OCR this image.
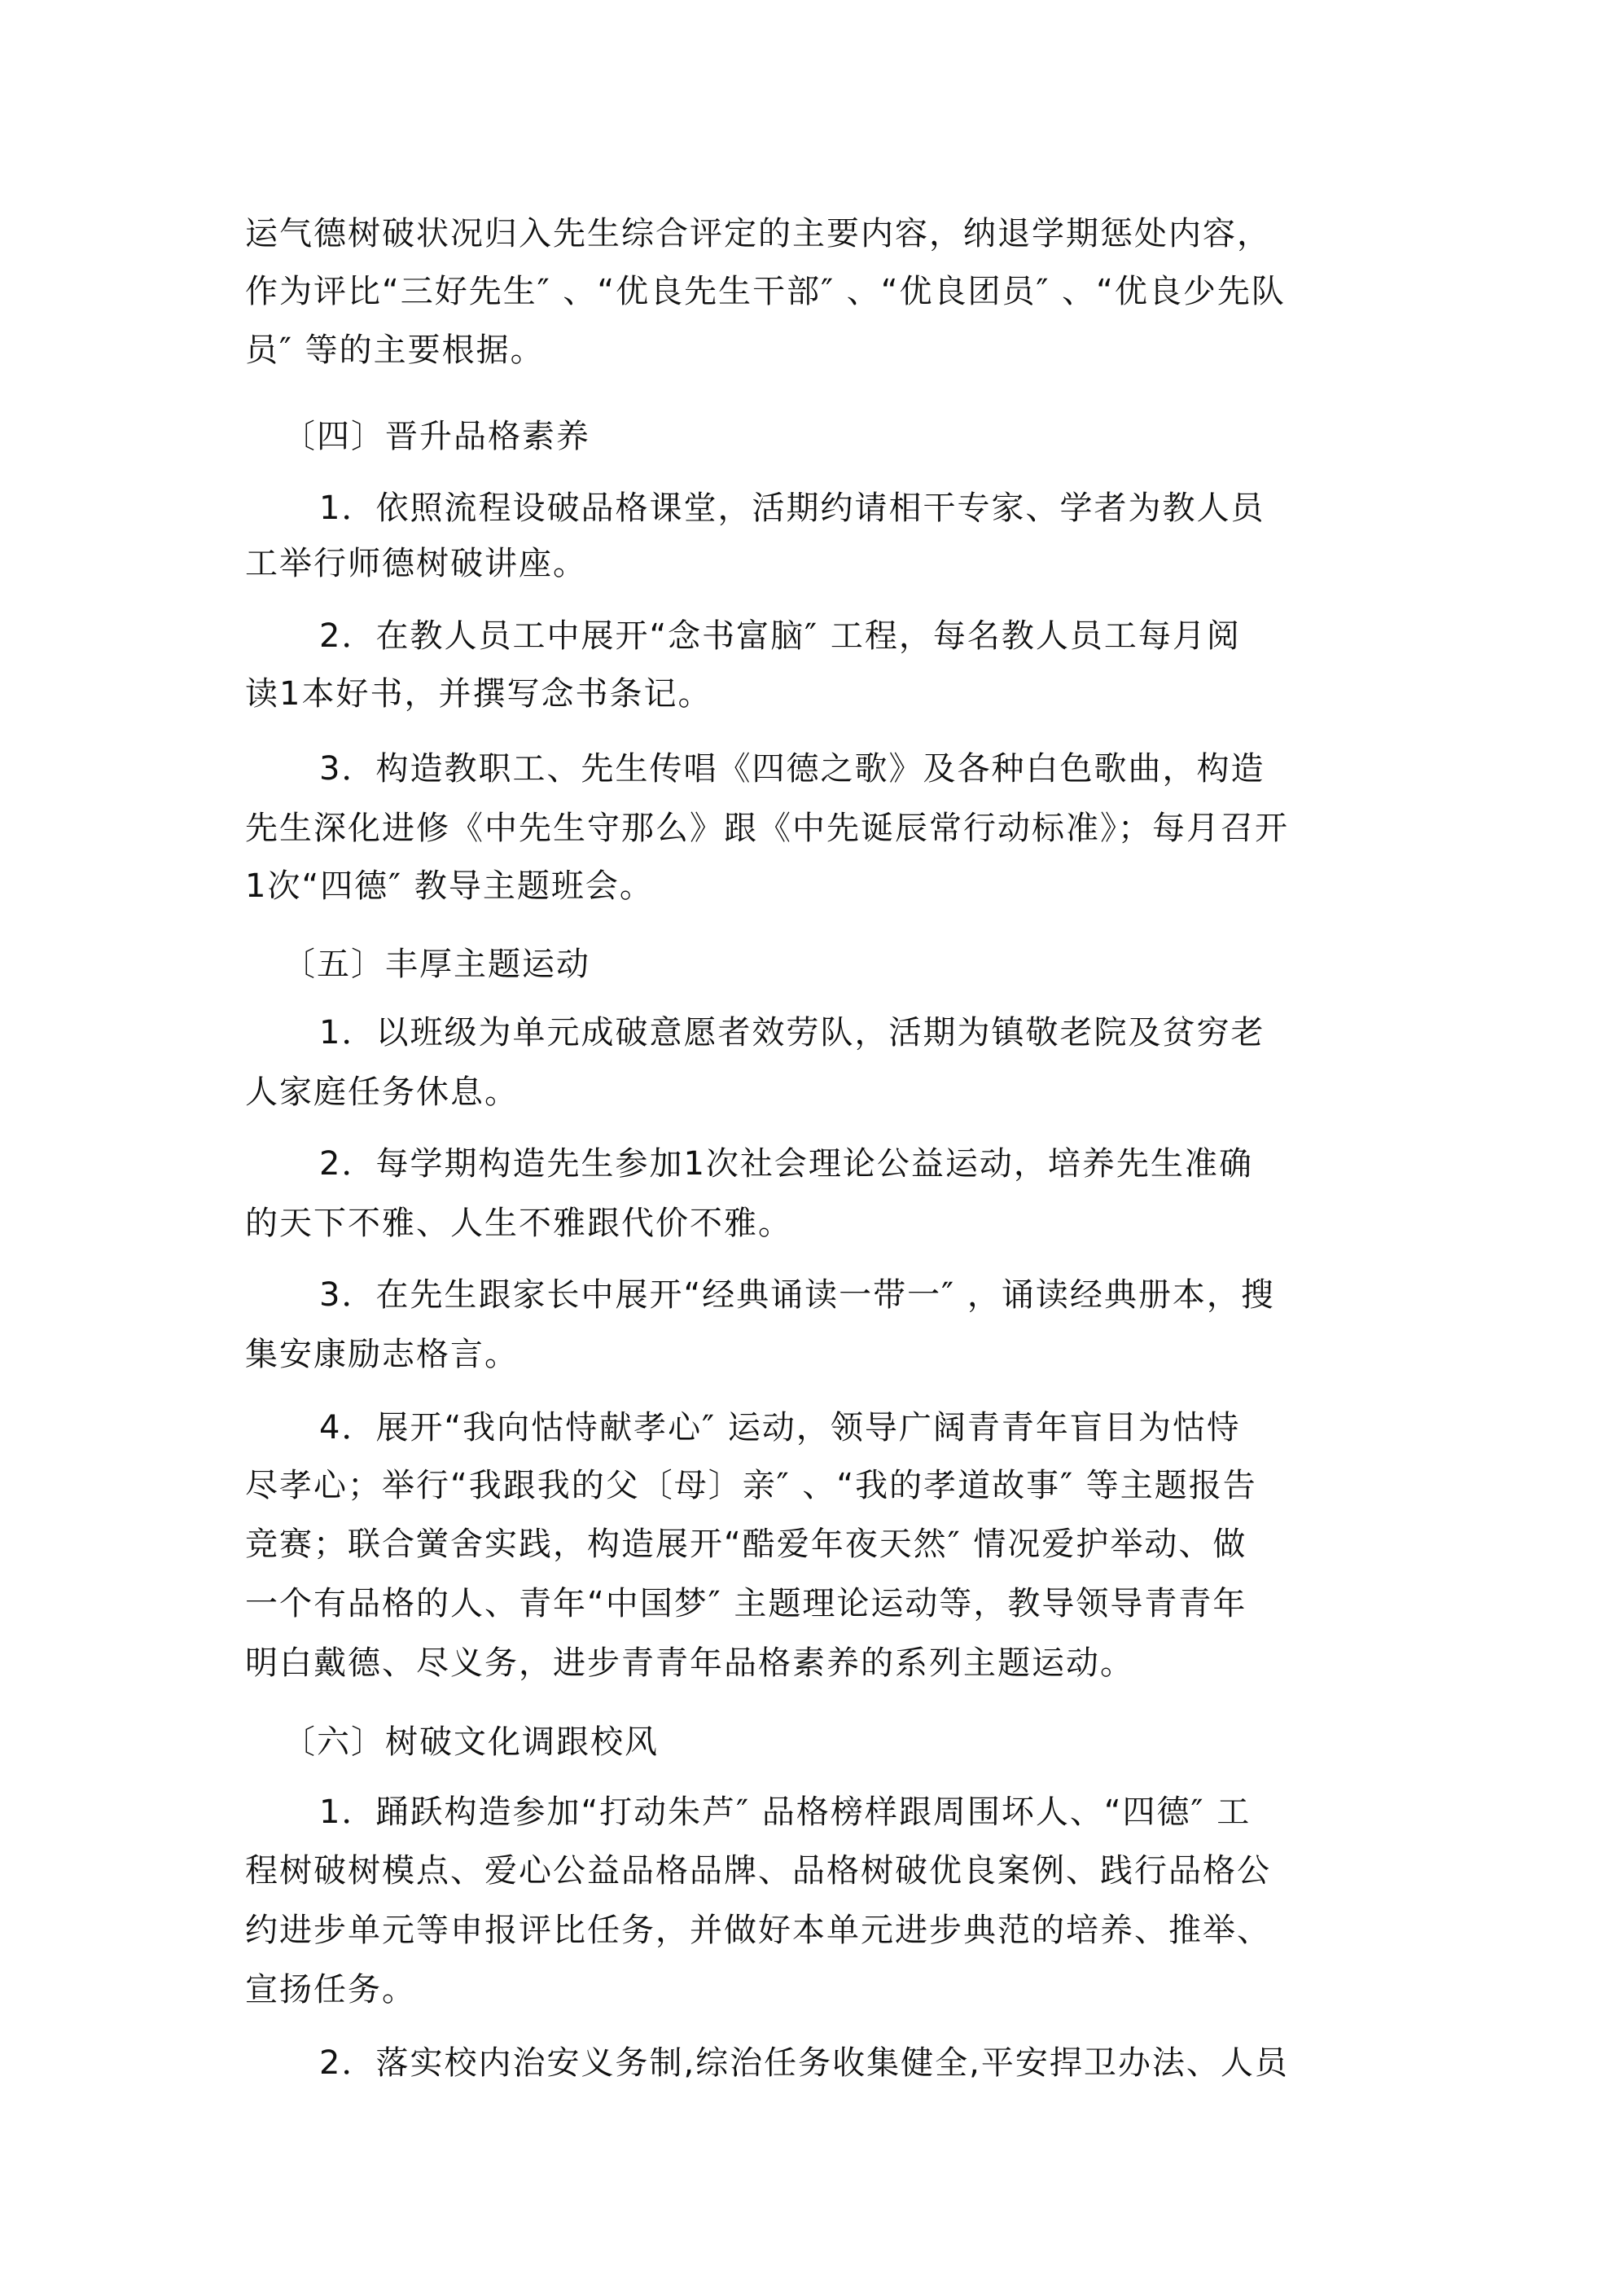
运气德树破状况归入先生综合评定的主要内容，纳退学期惩处内容，
作为评比“三好先生″ 、“优良先生干部″ 、“优良团员″ 、“优良少先队
员″ 等的主要根据。
〔四〕晋升品格素养
1．依照流程设破品格课堂，活期约请相干专家、学者为教人员
工举行师德树破讲座。
2．在教人员工中展开“念书富脑″ 工程，每名教人员工每月阅
读1本好书，并撰写念书条记。
3．构造教职工、先生传唱《四德之歌》及各种白色歌曲，构造
先生深化进修《中先生守那么》跟《中先诞辰常行动标准》；每月召开
1次“四德″ 教导主题班会。
〔五〕丰厚主题运动
1．以班级为单元成破意愿者效劳队，活期为镇敬老院及贫穷老
人家庭任务休息。
2．每学期构造先生参加1次社会理论公益运动，培养先生准确
的天下不雅、人生不雅跟代价不雅。
3．在先生跟家长中展开“经典诵读一带一″ ，诵读经典册本，搜
集安康励志格言。
4．展开“我向怙恃献孝心″ 运动，领导广阔青青年盲目为怙恃
尽孝心；举行“我跟我的父〔母〕亲″ 、“我的孝道故事″ 等主题报告
竞赛；联合黉舍实践，构造展开“酷爱年夜天然″ 情况爱护举动、做
一个有品格的人、青年“中国梦″ 主题理论运动等，教导领导青青年
明白戴德、尽义务，进步青青年品格素养的系列主题运动。
〔六〕树破文化调跟校风
1．踊跃构造参加“打动朱芦″ 品格榜样跟周围坏人、“四德″ 工
程树破树模点、爱心公益品格品牌、品格树破优良案例、践行品格公
约进步单元等申报评比任务，并做好本单元进步典范的培养、推举、
宣扬任务。
2．落实校内治安义务制,综治任务收集健全,平安捍卫办法、人员
